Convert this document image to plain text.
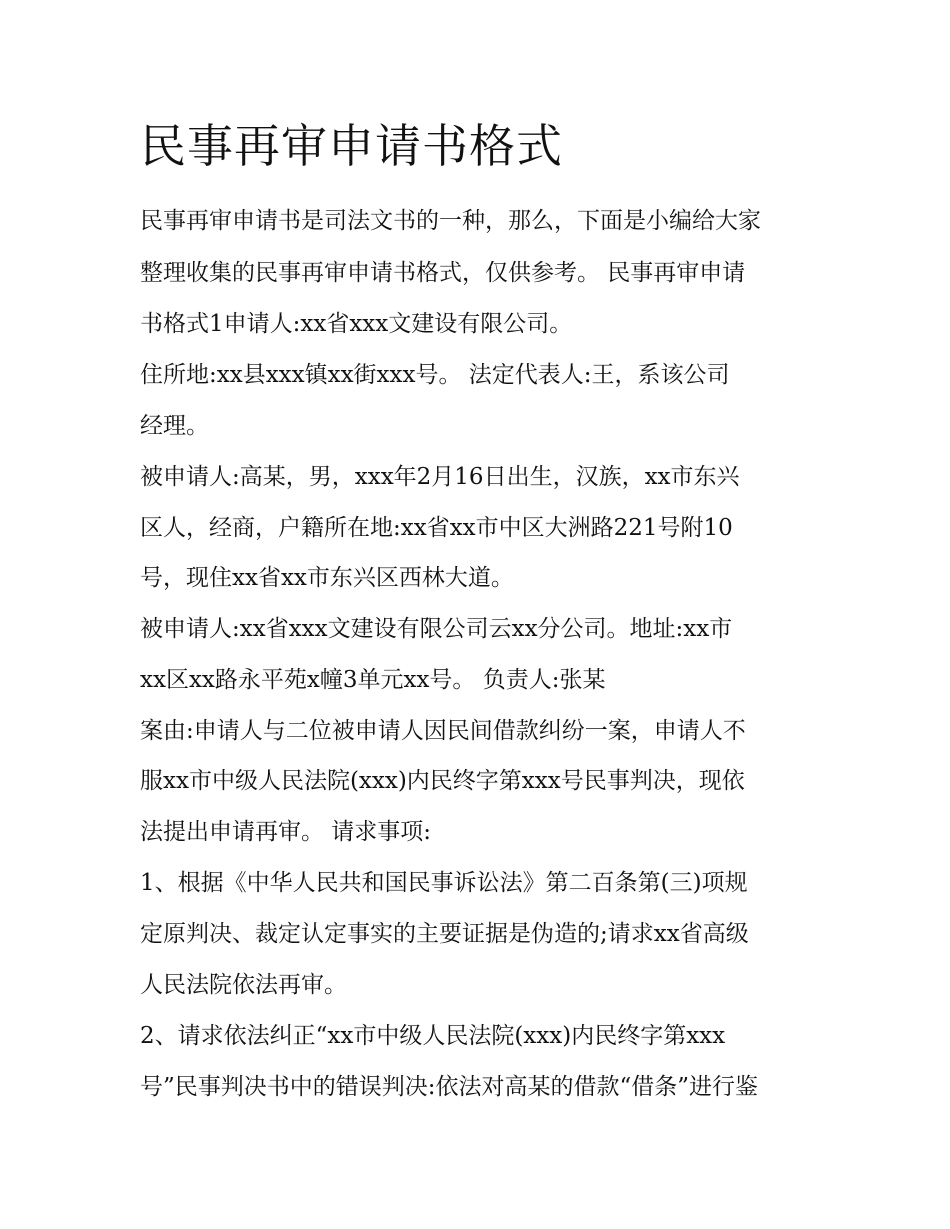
民事再审申请书格式

民事再审申请书是司法文书的一种，那么，下面是小编给大家

整理收集的民事再审申请书格式，仅供参考。 民事再审申请

书格式1申请人:xx省xxx文建设有限公司。

住所地:xx县xxx镇xx街xxx号。 法定代表人:王，系该公司

经理。

被申请人:高某，男，xxx年2月16日出生，汉族，xx市东兴

区人，经商，户籍所在地:xx省xx市中区大洲路221号附10

号，现住xx省xx市东兴区西林大道。

被申请人:xx省xxx文建设有限公司云xx分公司。地址:xx市

xx区xx路永平苑x幢3单元xx号。 负责人:张某

案由:申请人与二位被申请人因民间借款纠纷一案，申请人不

服xx市中级人民法院(xxx)内民终字第xxx号民事判决，现依

法提出申请再审。 请求事项:

1、根据《中华人民共和国民事诉讼法》第二百条第(三)项规

定原判决、裁定认定事实的主要证据是伪造的;请求xx省高级

人民法院依法再审。

2、请求依法纠正“xx市中级人民法院(xxx)内民终字第xxx

号”民事判决书中的错误判决:依法对高某的借款“借条”进行鉴
